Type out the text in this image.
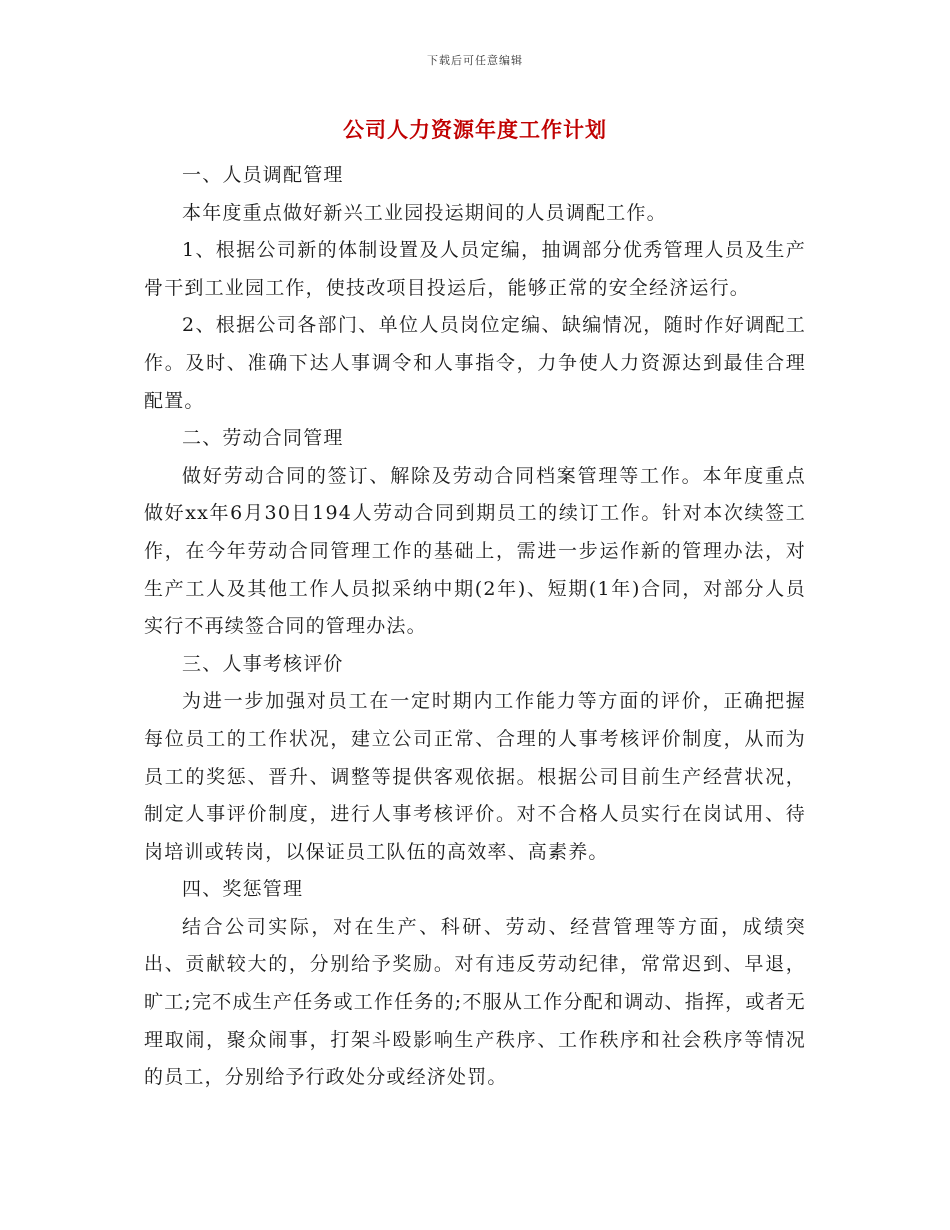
下载后可任意编辑
公司人力资源年度工作计划

一、人员调配管理

本年度重点做好新兴工业园投运期间的人员调配工作。

1、根据公司新的体制设置及人员定编，抽调部分优秀管理人员及生产骨干到工业园工作，使技改项目投运后，能够正常的安全经济运行。

2、根据公司各部门、单位人员岗位定编、缺编情况，随时作好调配工作。及时、准确下达人事调令和人事指令，力争使人力资源达到最佳合理配置。

二、劳动合同管理

做好劳动合同的签订、解除及劳动合同档案管理等工作。本年度重点做好xx年6月30日194人劳动合同到期员工的续订工作。针对本次续签工作，在今年劳动合同管理工作的基础上，需进一步运作新的管理办法，对生产工人及其他工作人员拟采纳中期(2年)、短期(1年)合同，对部分人员实行不再续签合同的管理办法。

三、人事考核评价

为进一步加强对员工在一定时期内工作能力等方面的评价，正确把握每位员工的工作状况，建立公司正常、合理的人事考核评价制度，从而为员工的奖惩、晋升、调整等提供客观依据。根据公司目前生产经营状况，制定人事评价制度，进行人事考核评价。对不合格人员实行在岗试用、待岗培训或转岗，以保证员工队伍的高效率、高素养。

四、奖惩管理

结合公司实际，对在生产、科研、劳动、经营管理等方面，成绩突出、贡献较大的，分别给予奖励。对有违反劳动纪律，常常迟到、早退，旷工;完不成生产任务或工作任务的;不服从工作分配和调动、指挥，或者无理取闹，聚众闹事，打架斗殴影响生产秩序、工作秩序和社会秩序等情况的员工，分别给予行政处分或经济处罚。
